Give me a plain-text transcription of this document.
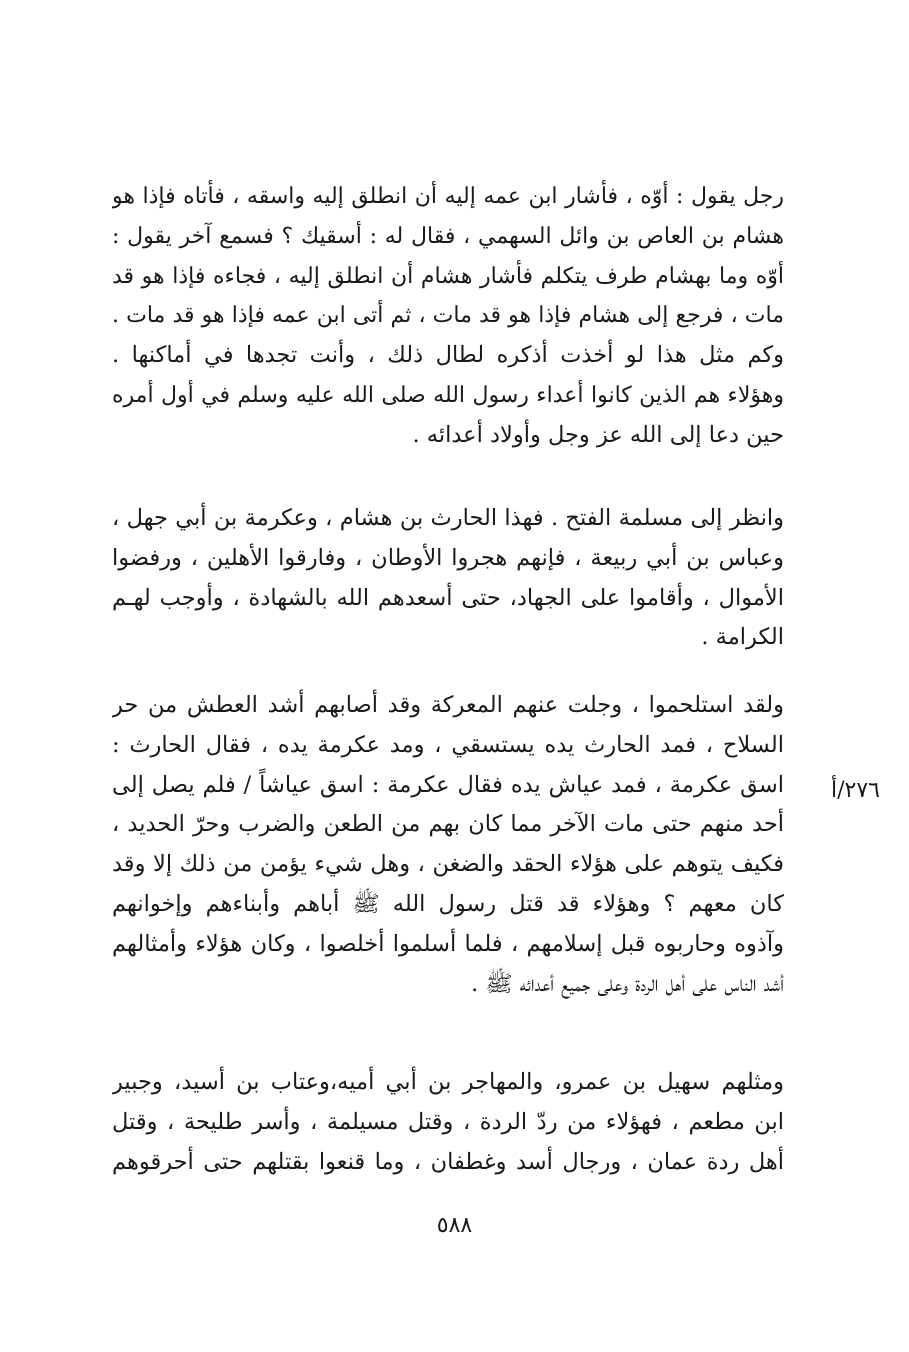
رجل يقول : أوّه ، فأشار ابن عمه إليه أن انطلق إليه واسقه ، فأتاه فإذا هو
هشام بن العاص بن وائل السهمي ، فقال له : أسقيك ؟ فسمع آخر يقول :
أوّه وما بهشام طرف يتكلم فأشار هشام أن انطلق إليه ، فجاءه فإذا هو قد
مات ، فرجع إلى هشام فإذا هو قد مات ، ثم أتى ابن عمه فإذا هو قد مات .
وكم مثل هذا لو أخذت أذكره لطال ذلك ، وأنت تجدها في أماكنها .
وهؤلاء هم الذين كانوا أعداء رسول الله صلى الله عليه وسلم في أول أمره
حين دعا إلى الله عز وجل وأولاد أعدائه .

وانظر إلى مسلمة الفتح . فهذا الحارث بن هشام ، وعكرمة بن أبي جهل ،
وعباس بن أبي ربيعة ، فإنهم هجروا الأوطان ، وفارقوا الأهلين ، ورفضوا
الأموال ، وأقاموا على الجهاد، حتى أسعدهم الله بالشهادة ، وأوجب لهـم
الكرامة .

ولقد استلحموا ، وجلت عنهم المعركة وقد أصابهم أشد العطش من حر
السلاح ، فمد الحارث يده يستسقي ، ومد عكرمة يده ، فقال الحارث :
اسق عكرمة ، فمد عياش يده فقال عكرمة : اسق عياشاً / فلم يصل إلى
أحد منهم حتى مات الآخر مما كان بهم من الطعن والضرب وحرّ الحديد ،
فكيف يتوهم على هؤلاء الحقد والضغن ، وهل شيء يؤمن من ذلك إلا وقد
كان معهم ؟ وهؤلاء قد قتل رسول الله ﷺ أباهم وأبناءهم وإخوانهم
وآذوه وحاربوه قبل إسلامهم ، فلما أسلموا أخلصوا ، وكان هؤلاء وأمثالهم
أشد الناس على أهل الردة وعلى جميع أعدائه ﷺ .

ومثلهم سهيل بن عمرو، والمهاجر بن أبي أميه،وعتاب بن أسيد، وجبير
ابن مطعم ، فهؤلاء من ردّ الردة ، وقتل مسيلمة ، وأسر طليحة ، وقتل
أهل ردة عمان ، ورجال أسد وغطفان ، وما قنعوا بقتلهم حتى أحرقوهم

٢٧٦/أ
٥٨٨
